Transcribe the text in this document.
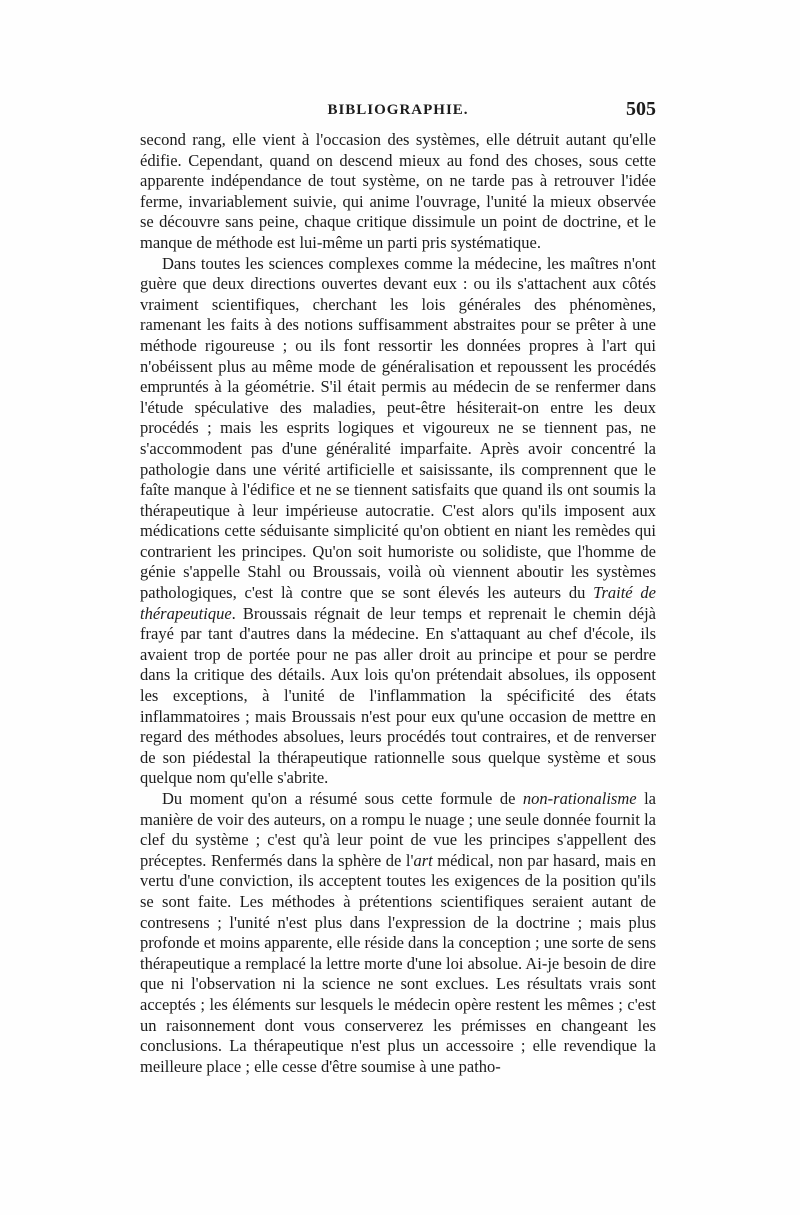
BIBLIOGRAPHIE.	505

second rang, elle vient à l'occasion des systèmes, elle détruit autant qu'elle édifie. Cependant, quand on descend mieux au fond des choses, sous cette apparente indépendance de tout système, on ne tarde pas à retrouver l'idée ferme, invariablement suivie, qui anime l'ouvrage, l'unité la mieux observée se découvre sans peine, chaque critique dissimule un point de doctrine, et le manque de méthode est lui-même un parti pris systématique.

Dans toutes les sciences complexes comme la médecine, les maîtres n'ont guère que deux directions ouvertes devant eux : ou ils s'attachent aux côtés vraiment scientifiques, cherchant les lois générales des phénomènes, ramenant les faits à des notions suffisamment abstraites pour se prêter à une méthode rigoureuse ; ou ils font ressortir les données propres à l'art qui n'obéissent plus au même mode de généralisation et repoussent les procédés empruntés à la géométrie. S'il était permis au médecin de se renfermer dans l'étude spéculative des maladies, peut-être hésiterait-on entre les deux procédés ; mais les esprits logiques et vigoureux ne se tiennent pas, ne s'accommodent pas d'une généralité imparfaite. Après avoir concentré la pathologie dans une vérité artificielle et saisissante, ils comprennent que le faîte manque à l'édifice et ne se tiennent satisfaits que quand ils ont soumis la thérapeutique à leur impérieuse autocratie. C'est alors qu'ils imposent aux médications cette séduisante simplicité qu'on obtient en niant les remèdes qui contrarient les principes. Qu'on soit humoriste ou solidiste, que l'homme de génie s'appelle Stahl ou Broussais, voilà où viennent aboutir les systèmes pathologiques, c'est là contre que se sont élevés les auteurs du Traité de thérapeutique. Broussais régnait de leur temps et reprenait le chemin déjà frayé par tant d'autres dans la médecine. En s'attaquant au chef d'école, ils avaient trop de portée pour ne pas aller droit au principe et pour se perdre dans la critique des détails. Aux lois qu'on prétendait absolues, ils opposent les exceptions, à l'unité de l'inflammation la spécificité des états inflammatoires ; mais Broussais n'est pour eux qu'une occasion de mettre en regard des méthodes absolues, leurs procédés tout contraires, et de renverser de son piédestal la thérapeutique rationnelle sous quelque système et sous quelque nom qu'elle s'abrite.

Du moment qu'on a résumé sous cette formule de non-rationalisme la manière de voir des auteurs, on a rompu le nuage ; une seule donnée fournit la clef du système ; c'est qu'à leur point de vue les principes s'appellent des préceptes. Renfermés dans la sphère de l'art médical, non par hasard, mais en vertu d'une conviction, ils acceptent toutes les exigences de la position qu'ils se sont faite. Les méthodes à prétentions scientifiques seraient autant de contresens ; l'unité n'est plus dans l'expression de la doctrine ; mais plus profonde et moins apparente, elle réside dans la conception ; une sorte de sens thérapeutique a remplacé la lettre morte d'une loi absolue. Ai-je besoin de dire que ni l'observation ni la science ne sont exclues. Les résultats vrais sont acceptés ; les éléments sur lesquels le médecin opère restent les mêmes ; c'est un raisonnement dont vous conserverez les prémisses en changeant les conclusions. La thérapeutique n'est plus un accessoire ; elle revendique la meilleure place ; elle cesse d'être soumise à une patho-
